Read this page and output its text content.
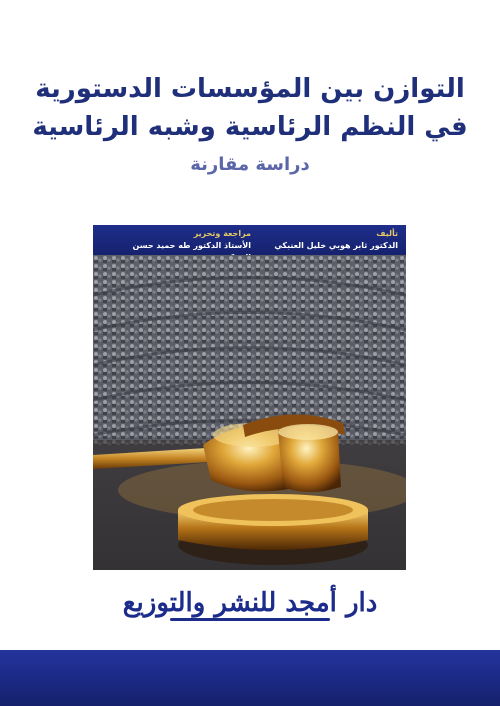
التوازن بين المؤسسات الدستورية
في النظم الرئاسية وشبه الرئاسية
دراسة مقارنة
تأليف
الدكتور ثابر هوبي خليل العنبكي
مراجعة وتحرير
الأستاذ الدكتور طه حميد حسن
دار أمجد للنشر والتوزيع
